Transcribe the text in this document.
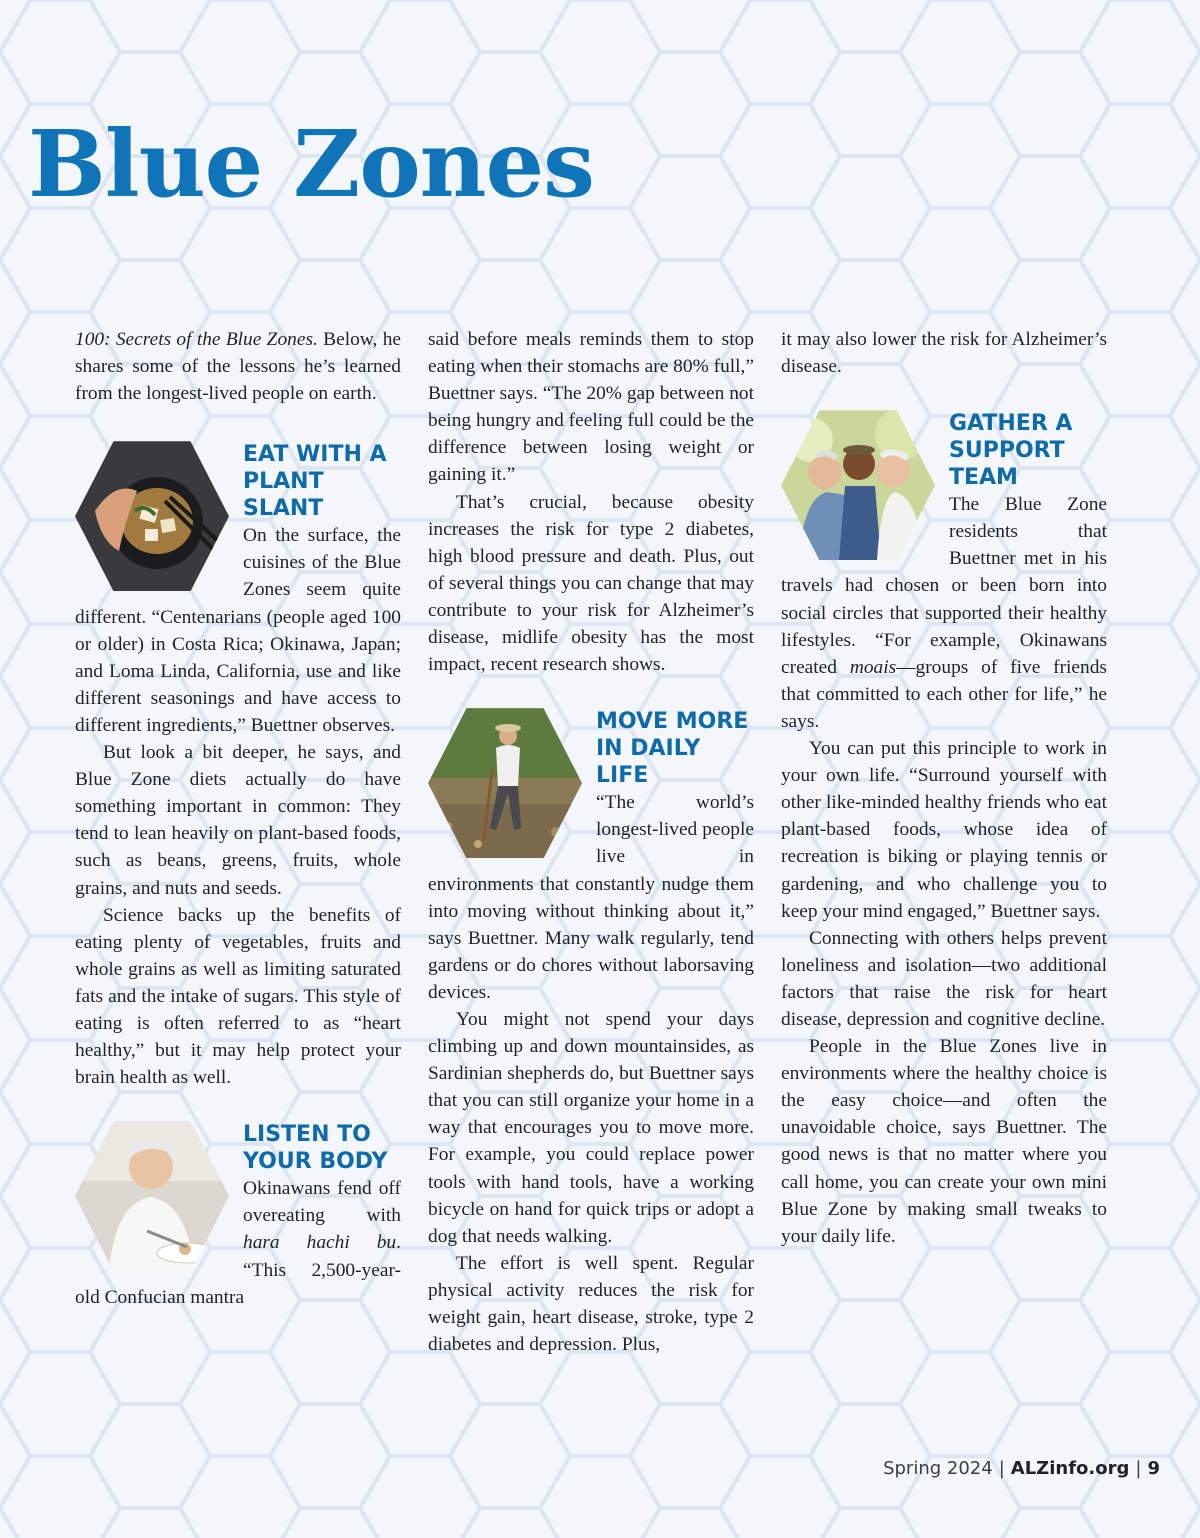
Blue Zones

100: Secrets of the Blue Zones. Below, he shares some of the lessons he’s learned from the longest-lived people on earth.

EAT WITH A PLANT SLANT

On the surface, the cuisines of the Blue Zones seem quite different. “Centenarians (people aged 100 or older) in Costa Rica; Okinawa, Japan; and Loma Linda, California, use and like different seasonings and have access to different ingredients,” Buettner observes.

But look a bit deeper, he says, and Blue Zone diets actually do have something important in common: They tend to lean heavily on plant-based foods, such as beans, greens, fruits, whole grains, and nuts and seeds.

Science backs up the benefits of eating plenty of vegetables, fruits and whole grains as well as limiting saturated fats and the intake of sugars. This style of eating is often referred to as “heart healthy,” but it may help protect your brain health as well.

LISTEN TO YOUR BODY

Okinawans fend off overeating with hara hachi bu. “This 2,500-year-old Confucian mantra

said before meals reminds them to stop eating when their stomachs are 80% full,” Buettner says. “The 20% gap between not being hungry and feeling full could be the difference between losing weight or gaining it.”

That’s crucial, because obesity increases the risk for type 2 diabetes, high blood pressure and death. Plus, out of several things you can change that may contribute to your risk for Alzheimer’s disease, midlife obesity has the most impact, recent research shows.

MOVE MORE IN DAILY LIFE

“The world’s longest-lived people live in environments that constantly nudge them into moving without thinking about it,” says Buettner. Many walk regularly, tend gardens or do chores without laborsaving devices.

You might not spend your days climbing up and down mountainsides, as Sardinian shepherds do, but Buettner says that you can still organize your home in a way that encourages you to move more. For example, you could replace power tools with hand tools, have a working bicycle on hand for quick trips or adopt a dog that needs walking.

The effort is well spent. Regular physical activity reduces the risk for weight gain, heart disease, stroke, type 2 diabetes and depression. Plus,

it may also lower the risk for Alzheimer’s disease.

GATHER A SUPPORT TEAM

The Blue Zone residents that Buettner met in his travels had chosen or been born into social circles that supported their healthy lifestyles. “For example, Okinawans created moais—groups of five friends that committed to each other for life,” he says.

You can put this principle to work in your own life. “Surround yourself with other like-minded healthy friends who eat plant-based foods, whose idea of recreation is biking or playing tennis or gardening, and who challenge you to keep your mind engaged,” Buettner says.

Connecting with others helps prevent loneliness and isolation—two additional factors that raise the risk for heart disease, depression and cognitive decline.

People in the Blue Zones live in environments where the healthy choice is the easy choice—and often the unavoidable choice, says Buettner. The good news is that no matter where you call home, you can create your own mini Blue Zone by making small tweaks to your daily life.

Spring 2024 | ALZinfo.org | 9
